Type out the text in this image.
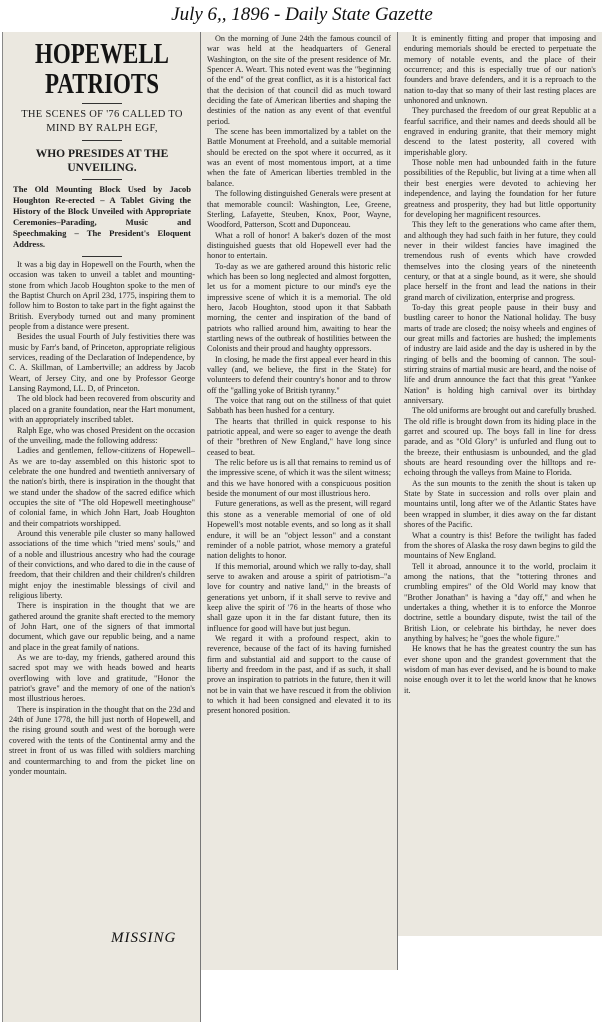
July 6,, 1896 - Daily State Gazette
HOPEWELL PATRIOTS
THE SCENES OF '76 CALLED TO MIND BY RALPH EGF,
WHO PRESIDES AT THE UNVEILING.
The Old Mounting Block Used by Jacob Houghton Re-erected – A Tablet Giving the History of the Block Unveiled with Appropriate Ceremonies–Parading, Music and Speechmaking – The President's Eloquent Address.

It was a big day in Hopewell on the Fourth, when the occasion was taken to unveil a tablet and mounting-stone from which Jacob Houghton spoke to the men of the Baptist Church on April 23d, 1775, inspiring them to follow him to Boston to take part in the fight against the British. Everybody turned out and many prominent people from a distance were present.

Besides the usual Fourth of July festivities there was music by Farr's band, of Princeton, appropriate religious services, reading of the Declaration of Independence, by C. A. Skillman, of Lambertville; an address by Jacob Weart, of Jersey City, and one by Professor George Lansing Raymond, LL. D, of Princeton.

The old block had been recovered from obscurity and placed on a granite foundation, near the Hart monument, with an appropriately inscribed tablet.

Ralph Ege, who was chosed President on the occasion of the unveiling, made the following address:

Ladies and gentlemen, fellow-citizens of Hopewell–As we are to-day assembled on this historic spot to celebrate the one hundred and twentieth anniversary of the nation's birth, there is inspiration in the thought that we stand under the shadow of the sacred edifice which occupies the site of "The old Hopewell meetinghouse" of colonial fame, in which John Hart, Joab Houghton and their compatriots worshipped.

Around this venerable pile cluster so many hallowed associations of the time which "tried mens' souls," and of a noble and illustrious ancestry who had the courage of their convictions, and who dared to die in the cause of freedom, that their children and their children's children might enjoy the inestimable blessings of civil and religious liberty.

There is inspiration in the thought that we are gathered around the granite shaft erected to the memory of John Hart, one of the signers of that immortal document, which gave our republic being, and a name and place in the great family of nations.

As we are to-day, my friends, gathered around this sacred spot may we with heads bowed and hearts overflowing with love and gratitude, "Honor the patriot's grave" and the memory of one of the nation's most illustrious heroes.

There is inspiration in the thought that on the 23d and 24th of June 1778, the hill just north of Hopewell, and the rising ground south and west of the borough were covered with the tents of the Continental army and the street in front of us was filled with soldiers marching and countermarching to and from the picket line on yonder mountain.

On the morning of June 24th the famous council of war was held at the headquarters of General Washington, on the site of the present residence of Mr. Spencer A. Weart. This noted event was the "beginning of the end" of the great conflict, as it is a historical fact that the decision of that council did as much toward deciding the fate of American liberties and shaping the destinies of the nation as any event of that eventful period.

The scene has been immortalized by a tablet on the Battle Monument at Freehold, and a suitable memorial should be erected on the spot where it occurred, as it was an event of most momentous import, at a time when the fate of American liberties trembled in the balance.

The following distinguished Generals were present at that memorable council: Washington, Lee, Greene, Sterling, Lafayette, Steuben, Knox, Poor, Wayne, Woodford, Patterson, Scott and Duponceau.

What a roll of honor! A baker's dozen of the most distinguished guests that old Hopewell ever had the honor to entertain.

To-day as we are gathered around this historic relic which has been so long neglected and almost forgotten, let us for a moment picture to our mind's eye the impressive scene of which it is a memorial. The old hero, Jacob Houghton, stood upon it that Sabbath morning, the center and inspiration of the band of patriots who rallied around him, awaiting to hear the startling news of the outbreak of hostilities between the Colonists and their proud and haughty oppressors.

In closing, he made the first appeal ever heard in this valley (and, we believe, the first in the State) for volunteers to defend their country's honor and to throw off the "galling yoke of British tyranny."

The voice that rang out on the stillness of that quiet Sabbath has been hushed for a century.

The hearts that thrilled in quick response to his patriotic appeal, and were so eager to avenge the death of their "brethren of New England," have long since ceased to beat.

The relic before us is all that remains to remind us of the impressive scene, of which it was the silent witness; and this we have honored with a conspicuous position beside the monument of our most illustrious hero.

Future generations, as well as the present, will regard this stone as a venerable memorial of one of old Hopewell's most notable events, and so long as it shall endure, it will be an "object lesson" and a constant reminder of a noble patriot, whose memory a grateful nation delights to honor.

If this memorial, around which we rally to-day, shall serve to awaken and arouse a spirit of patriotism–"a love for country and native land," in the breasts of generations yet unborn, if it shall serve to revive and keep alive the spirit of '76 in the hearts of those who shall gaze upon it in the far distant future, then its influence for good will have but just begun.

We regard it with a profound respect, akin to reverence, because of the fact of its having furnished firm and substantial aid and support to the cause of liberty and freedom in the past, and if as such, it shall prove an inspiration to patriots in the future, then it will not be in vain that we have rescued it from the oblivion to which it had been consigned and elevated it to its present honored position.

It is eminently fitting and proper that imposing and enduring memorials should be erected to perpetuate the memory of notable events, and the place of their occurrence; and this is especially true of our nation's founders and brave defenders, and it is a reproach to the nation to-day that so many of their last resting places are unhonored and unknown.

They purchased the freedom of our great Republic at a fearful sacrifice, and their names and deeds should all be engraved in enduring granite, that their memory might descend to the latest posterity, all covered with imperishable glory.

Those noble men had unbounded faith in the future possibilities of the Republic, but living at a time when all their best energies were devoted to achieving her independence, and laying the foundation for her future greatness and prosperity, they had but little opportunity for developing her magnificent resources.

This they left to the generations who came after them, and although they had such faith in her future, they could never in their wildest fancies have imagined the tremendous rush of events which have crowded themselves into the closing years of the nineteenth century, or that at a single bound, as it were, she should place herself in the front and lead the nations in their grand march of civilization, enterprise and progress.

To-day this great people pause in their busy and bustling career to honor the National holiday. The busy marts of trade are closed; the noisy wheels and engines of our great mills and factories are hushed; the implements of industry are laid aside and the day is ushered in by the ringing of bells and the booming of cannon. The soul-stirring strains of martial music are heard, and the noise of life and drum announce the fact that this great "Yankee Nation" is holding high carnival over its birthday anniversary.

The old uniforms are brought out and carefully brushed. The old rifle is brought down from its hiding place in the garret and scoured up. The boys fall in line for dress parade, and as "Old Glory" is unfurled and flung out to the breeze, their enthusiasm is unbounded, and the glad shouts are heard resounding over the hilltops and re-echoing through the valleys from Maine to Florida.

As the sun mounts to the zenith the shout is taken up State by State in succession and rolls over plain and mountains until, long after we of the Atlantic States have been wrapped in slumber, it dies away on the far distant shores of the Pacific.

What a country is this! Before the twilight has faded from the shores of Alaska the rosy dawn begins to gild the mountains of New England.

Tell it abroad, announce it to the world, proclaim it among the nations, that the "tottering thrones and crumbling empires" of the Old World may know that "Brother Jonathan" is having a "day off," and when he undertakes a thing, whether it is to enforce the Monroe doctrine, settle a boundary dispute, twist the tail of the British Lion, or celebrate his birthday, he never does anything by halves; he "goes the whole figure."

He knows that he has the greatest country the sun has ever shone upon and the grandest government that the wisdom of man has ever devised, and he is bound to make noise enough over it to let the world know that he knows it.

MISSING
